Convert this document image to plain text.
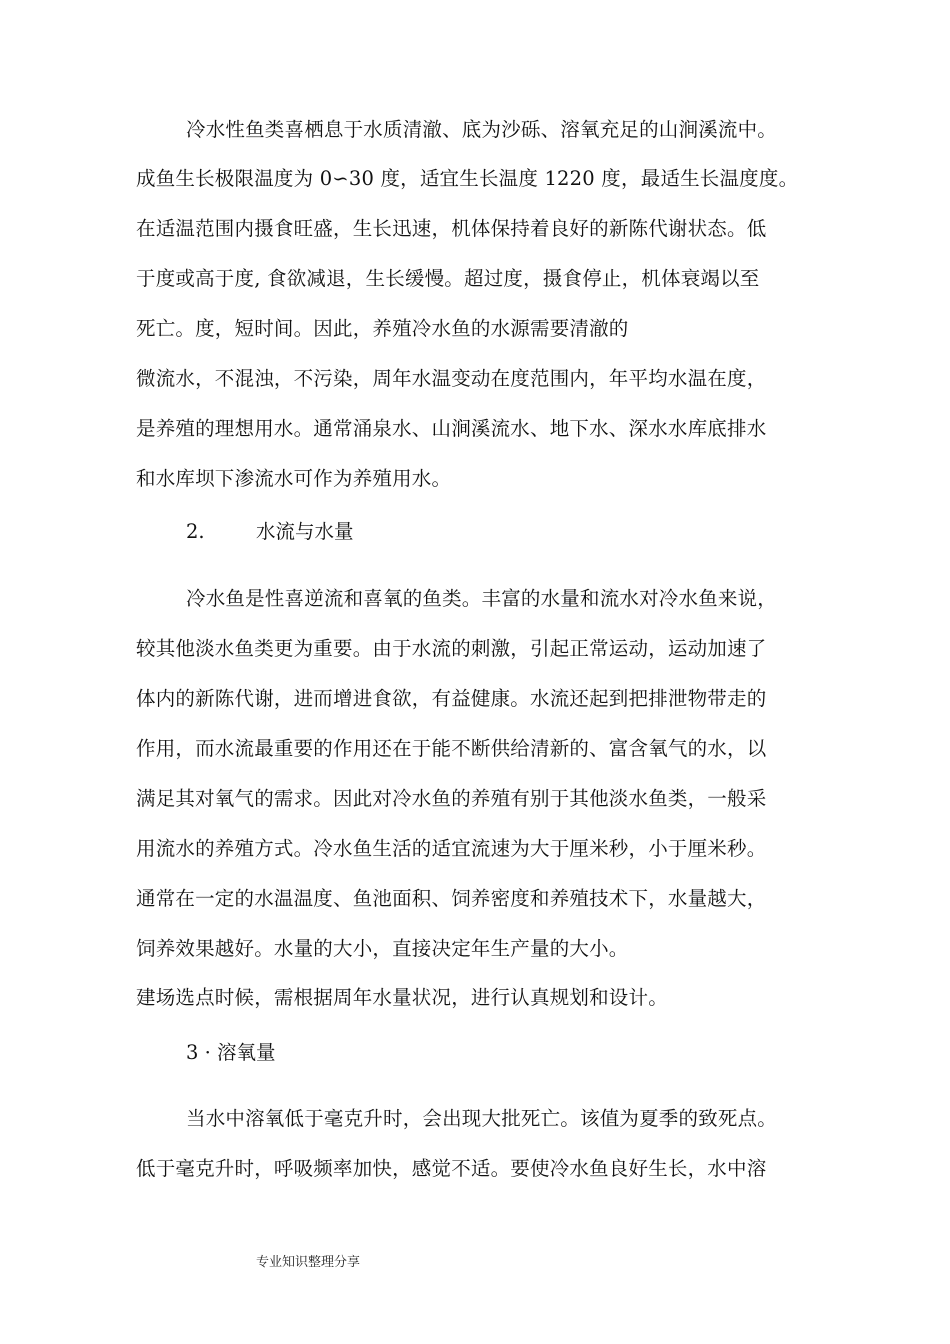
冷水性鱼类喜栖息于水质清澈、底为沙砾、溶氧充足的山涧溪流中。
成鱼生长极限温度为 0∽30 度，适宜生长温度 1220 度，最适生长温度度。
在适温范围内摄食旺盛，生长迅速，机体保持着良好的新陈代谢状态。低
于度或高于度, 食欲减退，生长缓慢。超过度，摄食停止，机体衰竭以至
死亡。度，短时间。因此，养殖冷水鱼的水源需要清澈的
微流水，不混浊，不污染，周年水温变动在度范围内，年平均水温在度，
是养殖的理想用水。通常涌泉水、山涧溪流水、地下水、深水水库底排水
和水库坝下渗流水可作为养殖用水。
2.	水流与水量
冷水鱼是性喜逆流和喜氧的鱼类。丰富的水量和流水对冷水鱼来说，
较其他淡水鱼类更为重要。由于水流的刺激，引起正常运动，运动加速了
体内的新陈代谢，进而增进食欲，有益健康。水流还起到把排泄物带走的
作用，而水流最重要的作用还在于能不断供给清新的、富含氧气的水，以
满足其对氧气的需求。因此对冷水鱼的养殖有别于其他淡水鱼类，一般采
用流水的养殖方式。冷水鱼生活的适宜流速为大于厘米秒，小于厘米秒。
通常在一定的水温温度、鱼池面积、饲养密度和养殖技术下，水量越大，
饲养效果越好。水量的大小，直接决定年生产量的大小。
建场选点时候，需根据周年水量状况，进行认真规划和设计。
3 · 溶氧量
当水中溶氧低于毫克升时，会出现大批死亡。该值为夏季的致死点。
低于毫克升时，呼吸频率加快，感觉不适。要使冷水鱼良好生长，水中溶
专业知识整理分享
